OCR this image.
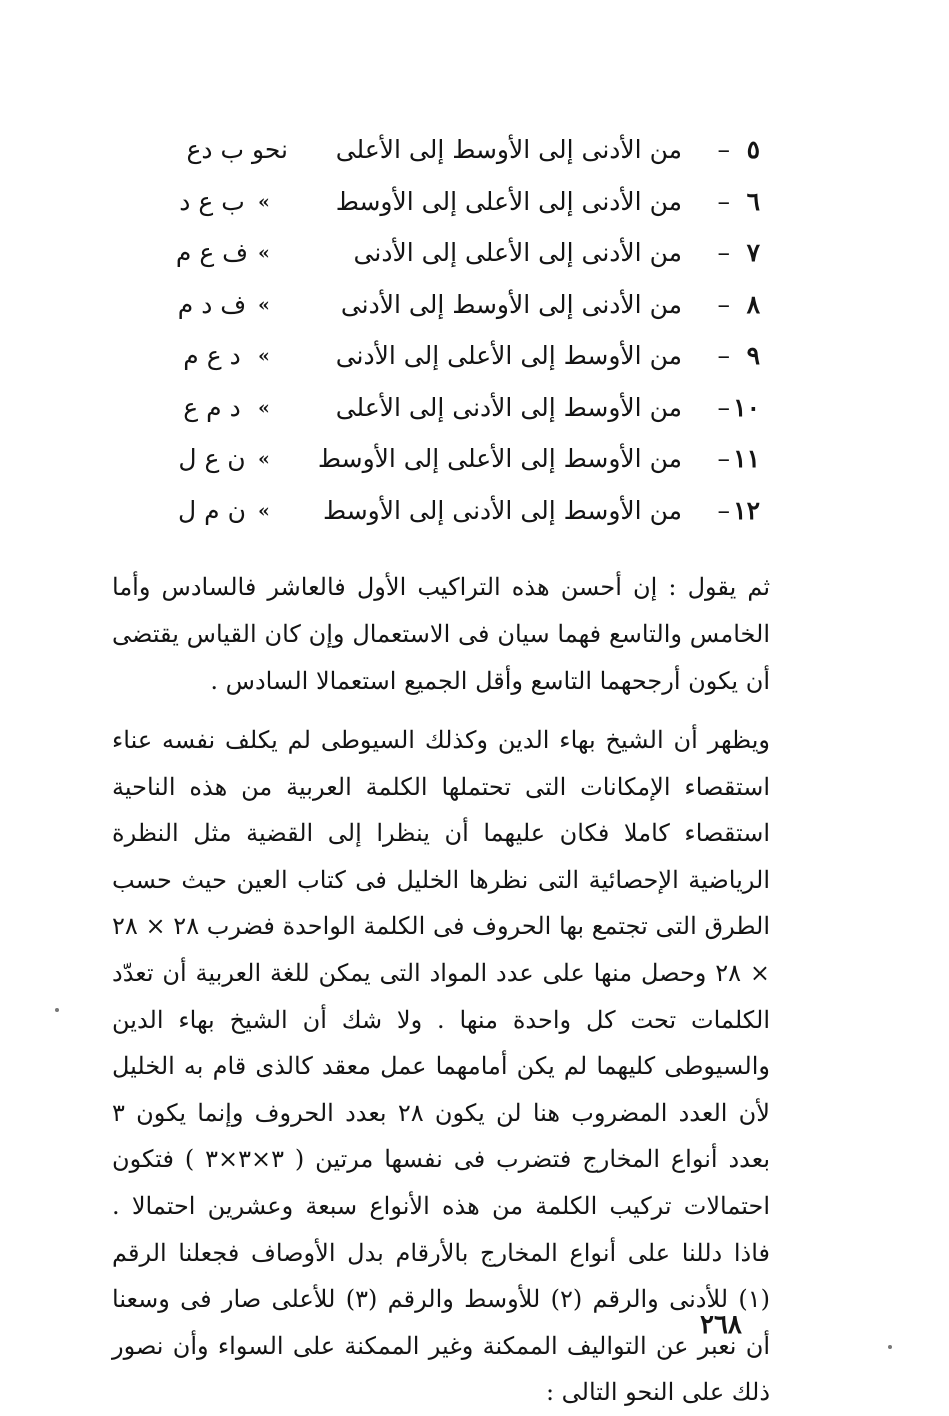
٥
–
من الأدنى إلى الأوسط إلى الأعلى
نحو ب دع
٦
–
من الأدنى إلى الأعلى إلى الأوسط
»
ب ع د
٧
–
من الأدنى إلى الأعلى إلى الأدنى
»
ف ع م
٨
–
من الأدنى إلى الأوسط إلى الأدنى
»
ف د م
٩
–
من الأوسط إلى الأعلى إلى الأدنى
»
د ع م
١٠
–
من الأوسط إلى الأدنى إلى الأعلى
»
د م ع
١١
–
من الأوسط إلى الأعلى إلى الأوسط
»
ن ع ل
١٢
–
من الأوسط إلى الأدنى إلى الأوسط
»
ن م ل

ثم يقول : إن أحسن هذه التراكيب الأول فالعاشر فالسادس وأما الخامس والتاسع فهما سيان فى الاستعمال وإن كان القياس يقتضى أن يكون أرجحهما التاسع وأقل الجميع استعمالا السادس .

ويظهر أن الشيخ بهاء الدين وكذلك السيوطى لم يكلف نفسه عناء استقصاء الإمكانات التى تحتملها الكلمة العربية من هذه الناحية استقصاء كاملا فكان عليهما أن ينظرا إلى القضية مثل النظرة الرياضية الإحصائية التى نظرها الخليل فى كتاب العين حيث حسب الطرق التى تجتمع بها الحروف فى الكلمة الواحدة فضرب ٢٨ × ٢٨ × ٢٨ وحصل منها على عدد المواد التى يمكن للغة العربية أن تعدّد الكلمات تحت كل واحدة منها . ولا شك أن الشيخ بهاء الدين والسيوطى كليهما لم يكن أمامهما عمل معقد كالذى قام به الخليل لأن العدد المضروب هنا لن يكون ٢٨ بعدد الحروف وإنما يكون ٣ بعدد أنواع المخارج فتضرب فى نفسها مرتين ( ٣×٣×٣ ) فتكون احتمالات تركيب الكلمة من هذه الأنواع سبعة وعشرين احتمالا . فاذا دللنا على أنواع المخارج بالأرقام بدل الأوصاف فجعلنا الرقم (١) للأدنى والرقم (٢) للأوسط والرقم (٣) للأعلى صار فى وسعنا أن نعبر عن التواليف الممكنة وغير الممكنة على السواء وأن نصور ذلك على النحو التالى :

٢٦٨
